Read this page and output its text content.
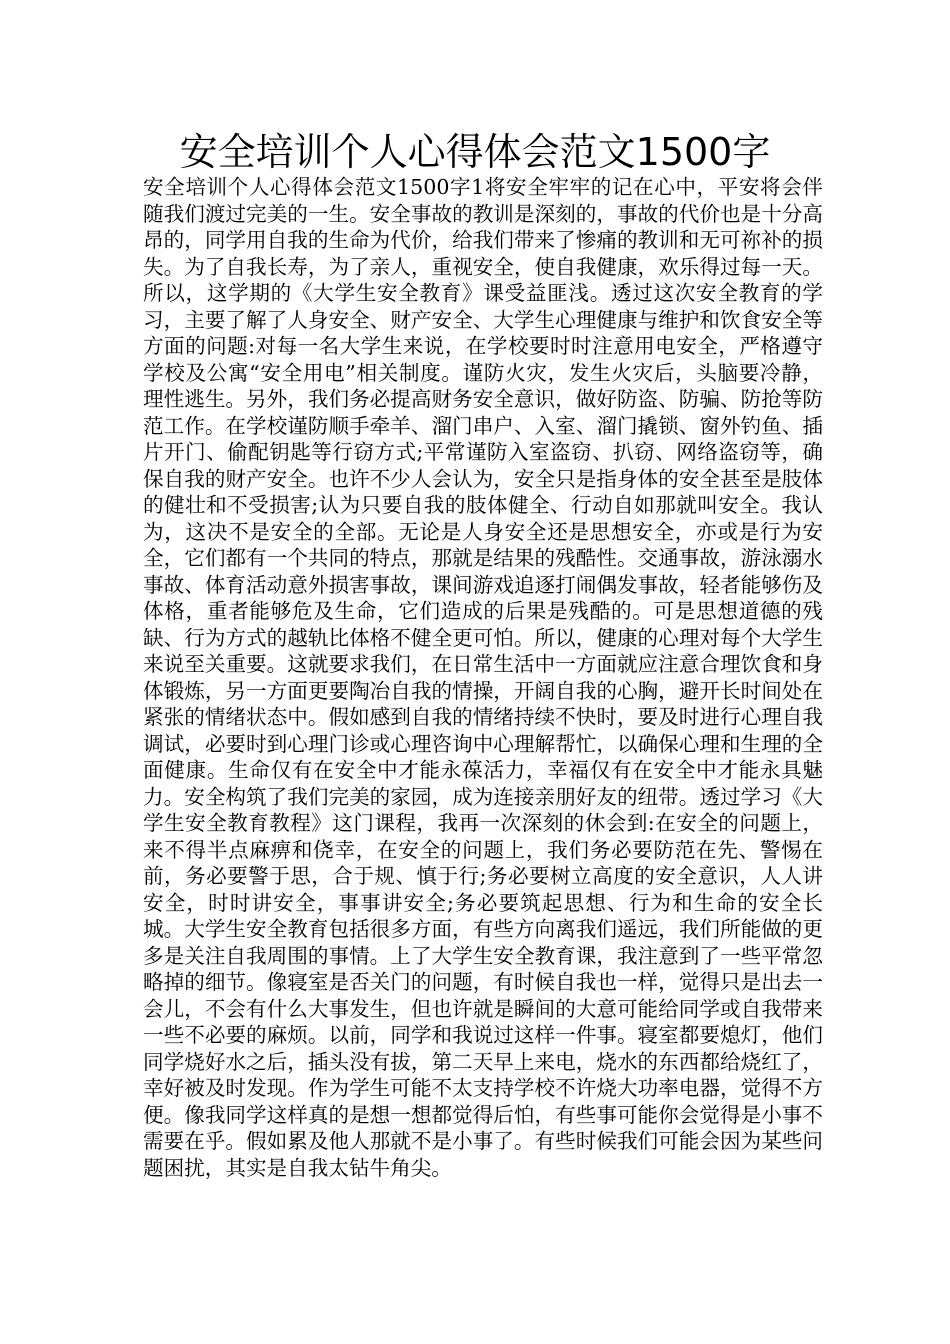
安全培训个人心得体会范文1500字

安全培训个人心得体会范文1500字1将安全牢牢的记在心中，平安将会伴随我们渡过完美的一生。安全事故的教训是深刻的，事故的代价也是十分高昂的，同学用自我的生命为代价，给我们带来了惨痛的教训和无可祢补的损失。为了自我长寿，为了亲人，重视安全，使自我健康，欢乐得过每一天。所以，这学期的《大学生安全教育》课受益匪浅。透过这次安全教育的学习，主要了解了人身安全、财产安全、大学生心理健康与维护和饮食安全等方面的问题:对每一名大学生来说，在学校要时时注意用电安全，严格遵守学校及公寓“安全用电”相关制度。谨防火灾，发生火灾后，头脑要冷静，理性逃生。另外，我们务必提高财务安全意识，做好防盗、防骗、防抢等防范工作。在学校谨防顺手牵羊、溜门串户、入室、溜门撬锁、窗外钓鱼、插片开门、偷配钥匙等行窃方式;平常谨防入室盗窃、扒窃、网络盗窃等，确保自我的财产安全。也许不少人会认为，安全只是指身体的安全甚至是肢体的健壮和不受损害;认为只要自我的肢体健全、行动自如那就叫安全。我认为，这决不是安全的全部。无论是人身安全还是思想安全，亦或是行为安全，它们都有一个共同的特点，那就是结果的残酷性。交通事故，游泳溺水事故、体育活动意外损害事故，课间游戏追逐打闹偶发事故，轻者能够伤及体格，重者能够危及生命，它们造成的后果是残酷的。可是思想道德的残缺、行为方式的越轨比体格不健全更可怕。所以，健康的心理对每个大学生来说至关重要。这就要求我们，在日常生活中一方面就应注意合理饮食和身体锻炼，另一方面更要陶冶自我的情操，开阔自我的心胸，避开长时间处在紧张的情绪状态中。假如感到自我的情绪持续不快时，要及时进行心理自我调试，必要时到心理门诊或心理咨询中心理解帮忙，以确保心理和生理的全面健康。生命仅有在安全中才能永葆活力，幸福仅有在安全中才能永具魅力。安全构筑了我们完美的家园，成为连接亲朋好友的纽带。透过学习《大学生安全教育教程》这门课程，我再一次深刻的休会到:在安全的问题上，来不得半点麻痹和侥幸，在安全的问题上，我们务必要防范在先、警惕在前，务必要警于思，合于规、慎于行;务必要树立高度的安全意识，人人讲安全，时时讲安全，事事讲安全;务必要筑起思想、行为和生命的安全长城。大学生安全教育包括很多方面，有些方向离我们遥远，我们所能做的更多是关注自我周围的事情。上了大学生安全教育课，我注意到了一些平常忽略掉的细节。像寝室是否关门的问题，有时候自我也一样，觉得只是出去一会儿，不会有什么大事发生，但也许就是瞬间的大意可能给同学或自我带来一些不必要的麻烦。以前，同学和我说过这样一件事。寝室都要熄灯，他们同学烧好水之后，插头没有拔，第二天早上来电，烧水的东西都给烧红了，幸好被及时发现。作为学生可能不太支持学校不许烧大功率电器，觉得不方便。像我同学这样真的是想一想都觉得后怕，有些事可能你会觉得是小事不需要在乎。假如累及他人那就不是小事了。有些时候我们可能会因为某些问题困扰，其实是自我太钻牛角尖。
